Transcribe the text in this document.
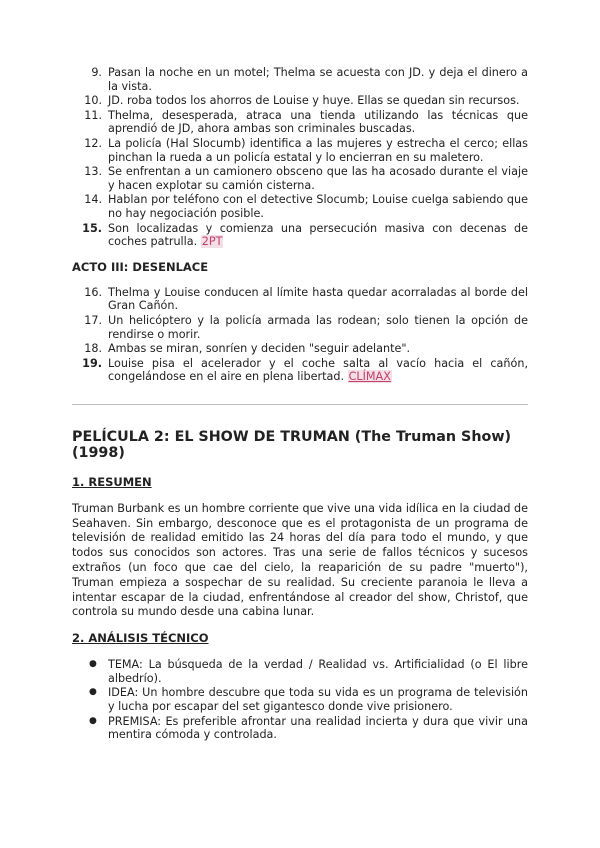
9. Pasan la noche en un motel; Thelma se acuesta con JD. y deja el dinero a la vista.
10. JD. roba todos los ahorros de Louise y huye. Ellas se quedan sin recursos.
11. Thelma, desesperada, atraca una tienda utilizando las técnicas que aprendió de JD, ahora ambas son criminales buscadas.
12. La policía (Hal Slocumb) identifica a las mujeres y estrecha el cerco; ellas pinchan la rueda a un policía estatal y lo encierran en su maletero.
13. Se enfrentan a un camionero obsceno que las ha acosado durante el viaje y hacen explotar su camión cisterna.
14. Hablan por teléfono con el detective Slocumb; Louise cuelga sabiendo que no hay negociación posible.
15. Son localizadas y comienza una persecución masiva con decenas de coches patrulla. 2PT
ACTO III: DESENLACE
16. Thelma y Louise conducen al límite hasta quedar acorraladas al borde del Gran Cañón.
17. Un helicóptero y la policía armada las rodean; solo tienen la opción de rendirse o morir.
18. Ambas se miran, sonríen y deciden "seguir adelante".
19. Louise pisa el acelerador y el coche salta al vacío hacia el cañón, congelándose en el aire en plena libertad. CLÍMAX
PELÍCULA 2: EL SHOW DE TRUMAN (The Truman Show) (1998)
1. RESUMEN

Truman Burbank es un hombre corriente que vive una vida idílica en la ciudad de Seahaven. Sin embargo, desconoce que es el protagonista de un programa de televisión de realidad emitido las 24 horas del día para todo el mundo, y que todos sus conocidos son actores. Tras una serie de fallos técnicos y sucesos extraños (un foco que cae del cielo, la reaparición de su padre "muerto"), Truman empieza a sospechar de su realidad. Su creciente paranoia le lleva a intentar escapar de la ciudad, enfrentándose al creador del show, Christof, que controla su mundo desde una cabina lunar.

2. ANÁLISIS TÉCNICO
● TEMA: La búsqueda de la verdad / Realidad vs. Artificialidad (o El libre albedrío).
● IDEA: Un hombre descubre que toda su vida es un programa de televisión y lucha por escapar del set gigantesco donde vive prisionero.
● PREMISA: Es preferible afrontar una realidad incierta y dura que vivir una mentira cómoda y controlada.
